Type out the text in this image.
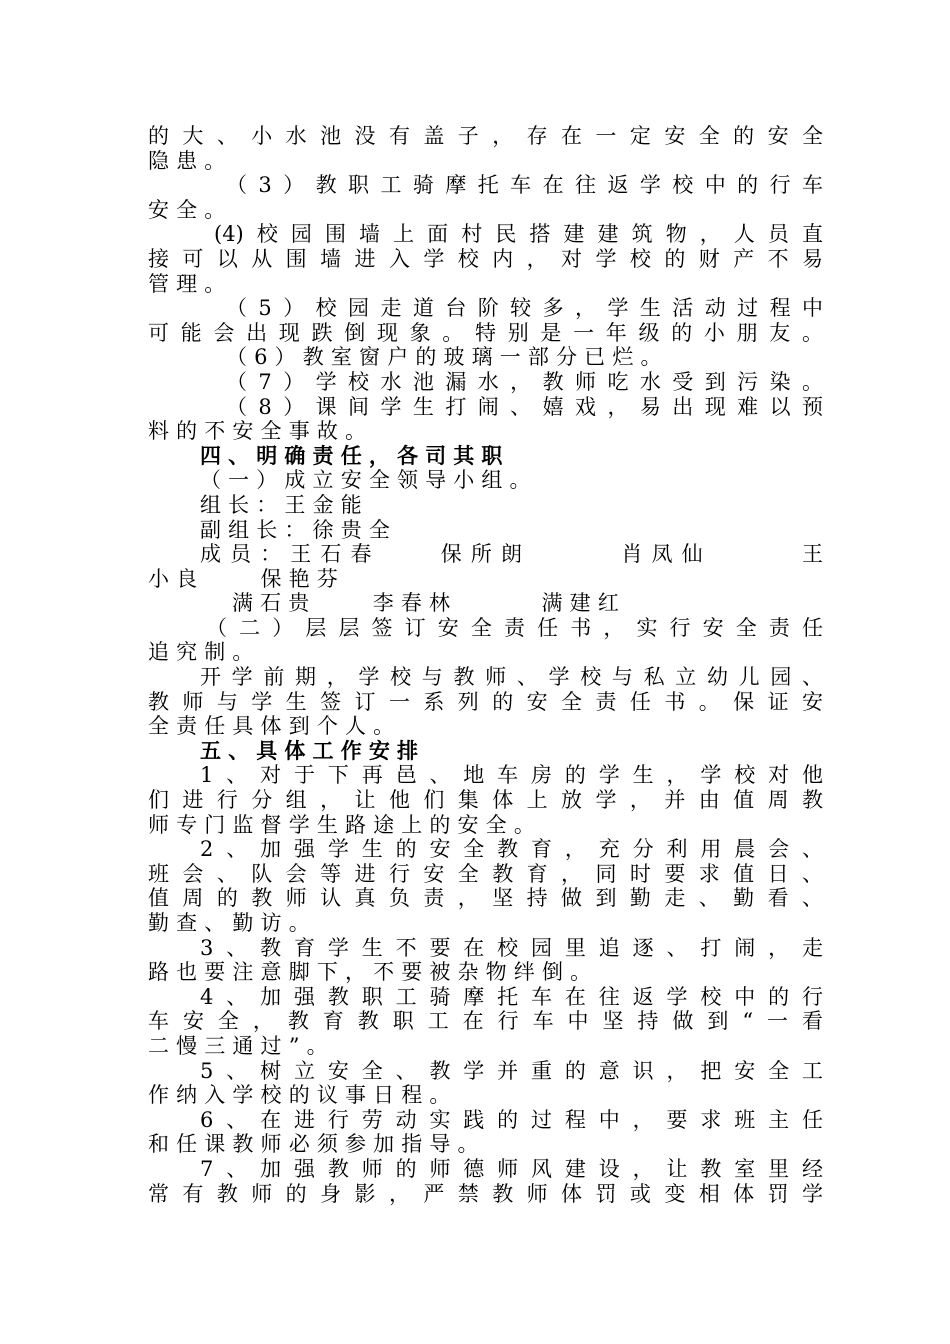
的大、小水池没有盖子，存在一定安全的安全
隐患。
（3）教职工骑摩托车在往返学校中的行车
安全。
(4)校园围墙上面村民搭建建筑物，人员直
接可以从围墙进入学校内，对学校的财产不易
管理。
（5）校园走道台阶较多，学生活动过程中
可能会出现跌倒现象。特别是一年级的小朋友。
（6）教室窗户的玻璃一部分已烂。
（7）学校水池漏水，教师吃水受到污染。
（8）课间学生打闹、嬉戏，易出现难以预
料的不安全事故。
四、明确责任，各司其职
（一）成立安全领导小组。
组长：王金能
副组长：徐贵全
成员：王石春　　保所朗　　　肖凤仙　　　王
小良　　保艳芬
满石贵　　李春林　　　满建红
（二）层层签订安全责任书，实行安全责任
追究制。
开学前期，学校与教师、学校与私立幼儿园、
教师与学生签订一系列的安全责任书。保证安
全责任具体到个人。
五、具体工作安排
1、对于下再邑、地车房的学生，学校对他
们进行分组，让他们集体上放学，并由值周教
师专门监督学生路途上的安全。
2、加强学生的安全教育，充分利用晨会、
班会、队会等进行安全教育，同时要求值日、
值周的教师认真负责，坚持做到勤走、勤看、
勤查、勤访。
3、教育学生不要在校园里追逐、打闹，走
路也要注意脚下，不要被杂物绊倒。
4、加强教职工骑摩托车在往返学校中的行
车安全，教育教职工在行车中坚持做到“一看
二慢三通过”。
5、树立安全、教学并重的意识，把安全工
作纳入学校的议事日程。
6、在进行劳动实践的过程中，要求班主任
和任课教师必须参加指导。
7、加强教师的师德师风建设，让教室里经
常有教师的身影，严禁教师体罚或变相体罚学
